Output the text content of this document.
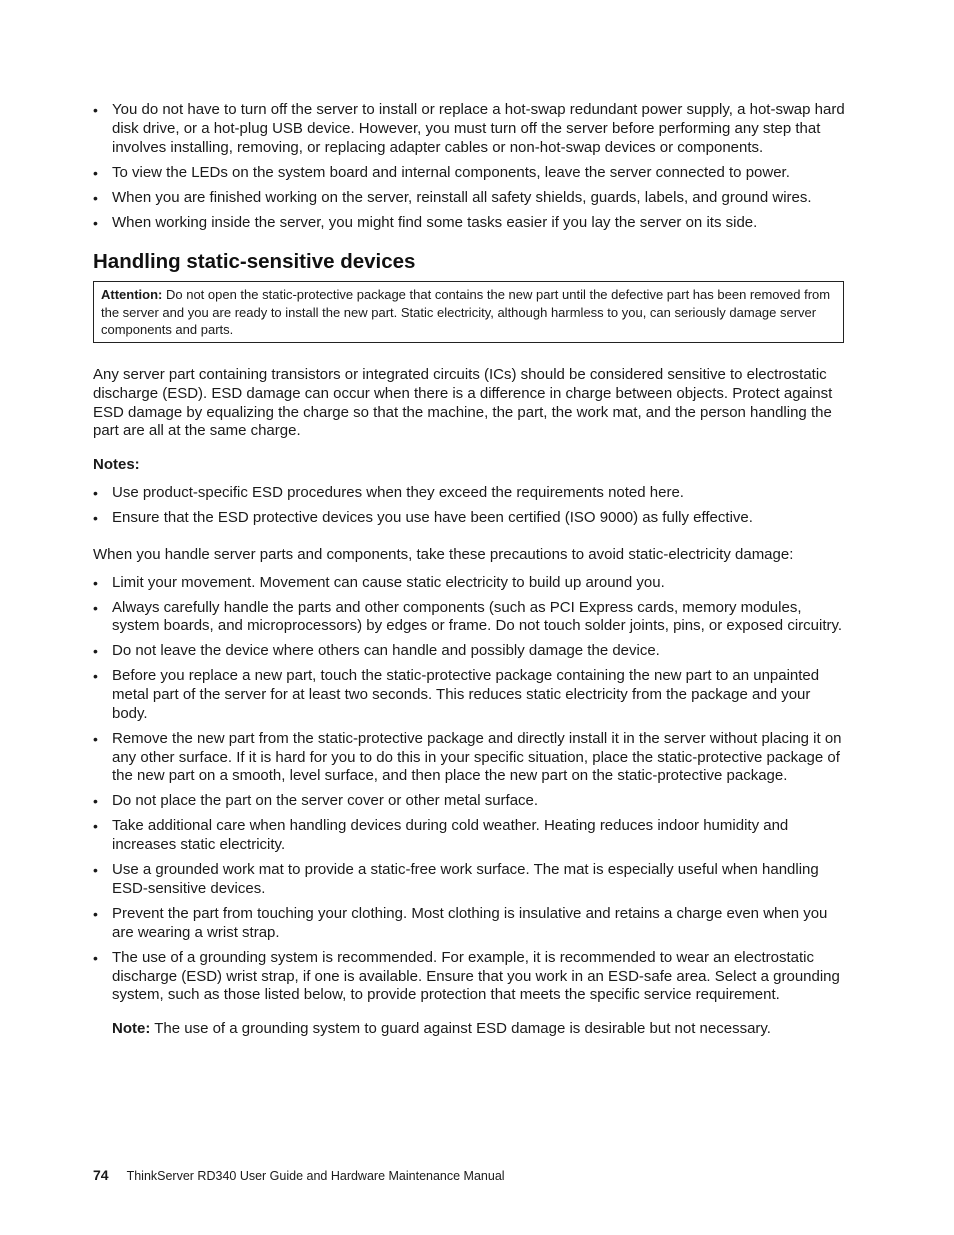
• You do not have to turn off the server to install or replace a hot-swap redundant power supply, a hot-swap hard disk drive, or a hot-plug USB device. However, you must turn off the server before performing any step that involves installing, removing, or replacing adapter cables or non-hot-swap devices or components.
• To view the LEDs on the system board and internal components, leave the server connected to power.
• When you are finished working on the server, reinstall all safety shields, guards, labels, and ground wires.
• When working inside the server, you might find some tasks easier if you lay the server on its side.
Handling static-sensitive devices
Attention: Do not open the static-protective package that contains the new part until the defective part has been removed from the server and you are ready to install the new part. Static electricity, although harmless to you, can seriously damage server components and parts.

Any server part containing transistors or integrated circuits (ICs) should be considered sensitive to electrostatic discharge (ESD). ESD damage can occur when there is a difference in charge between objects. Protect against ESD damage by equalizing the charge so that the machine, the part, the work mat, and the person handling the part are all at the same charge.

Notes:

• Use product-specific ESD procedures when they exceed the requirements noted here.
• Ensure that the ESD protective devices you use have been certified (ISO 9000) as fully effective.

When you handle server parts and components, take these precautions to avoid static-electricity damage:

• Limit your movement. Movement can cause static electricity to build up around you.
• Always carefully handle the parts and other components (such as PCI Express cards, memory modules, system boards, and microprocessors) by edges or frame. Do not touch solder joints, pins, or exposed circuitry.
• Do not leave the device where others can handle and possibly damage the device.
• Before you replace a new part, touch the static-protective package containing the new part to an unpainted metal part of the server for at least two seconds. This reduces static electricity from the package and your body.
• Remove the new part from the static-protective package and directly install it in the server without placing it on any other surface. If it is hard for you to do this in your specific situation, place the static-protective package of the new part on a smooth, level surface, and then place the new part on the static-protective package.
• Do not place the part on the server cover or other metal surface.
• Take additional care when handling devices during cold weather. Heating reduces indoor humidity and increases static electricity.
• Use a grounded work mat to provide a static-free work surface. The mat is especially useful when handling ESD-sensitive devices.
• Prevent the part from touching your clothing. Most clothing is insulative and retains a charge even when you are wearing a wrist strap.
• The use of a grounding system is recommended. For example, it is recommended to wear an electrostatic discharge (ESD) wrist strap, if one is available. Ensure that you work in an ESD-safe area. Select a grounding system, such as those listed below, to provide protection that meets the specific service requirement.

Note: The use of a grounding system to guard against ESD damage is desirable but not necessary.

74 ThinkServer RD340 User Guide and Hardware Maintenance Manual
